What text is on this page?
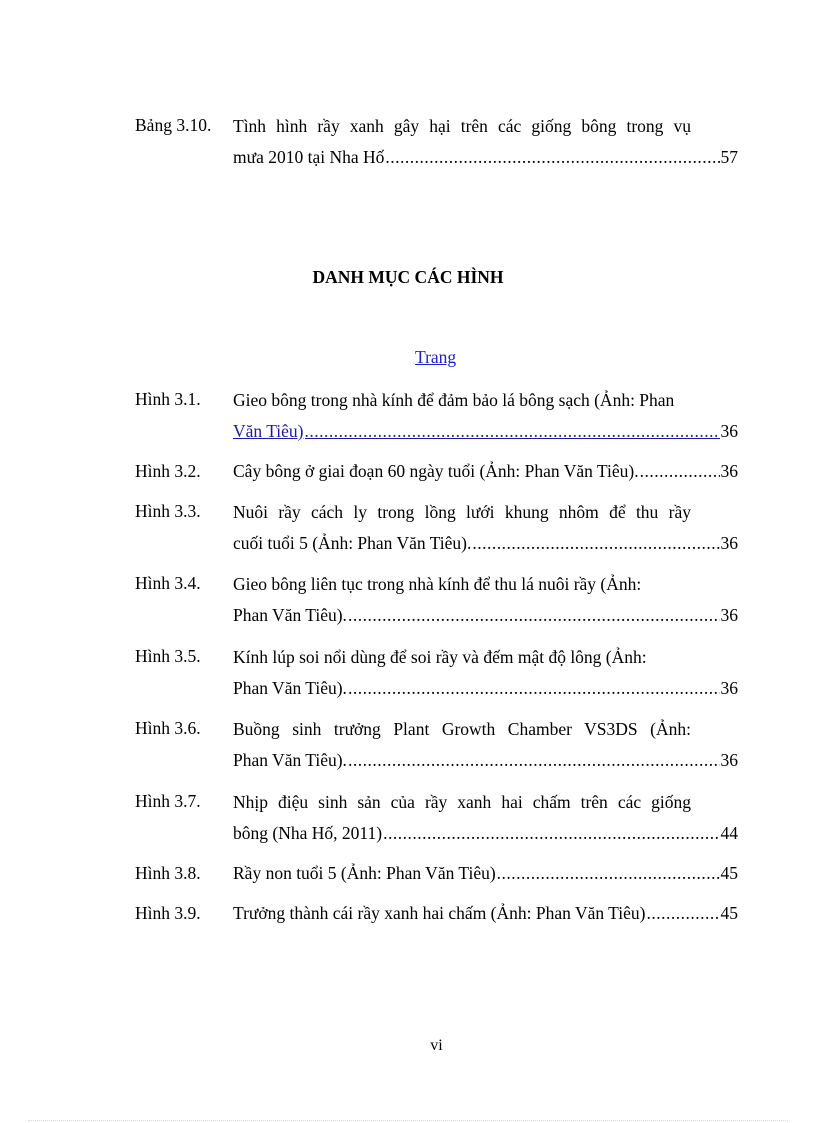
Bảng 3.10. Tình hình rầy xanh gây hại trên các giống bông trong vụ
mưa 2010 tại Nha Hố .....	57
DANH MỤC CÁC HÌNH
Trang
Hình 3.1. Gieo bông trong nhà kính để đảm bảo lá bông sạch (Ảnh: Phan
Văn Tiêu) .....	36
Hình 3.2. Cây bông ở giai đoạn 60 ngày tuổi (Ảnh: Phan Văn Tiêu). .....	36
Hình 3.3. Nuôi rầy cách ly trong lồng lưới khung nhôm để thu rầy
cuối tuổi 5 (Ảnh: Phan Văn Tiêu). .....	36
Hình 3.4. Gieo bông liên tục trong nhà kính để thu lá nuôi rầy (Ảnh:
Phan Văn Tiêu). .....	36
Hình 3.5. Kính lúp soi nổi dùng để soi rầy và đếm mật độ lông (Ảnh:
Phan Văn Tiêu). .....	36
Hình 3.6. Buồng sinh trưởng Plant Growth Chamber VS3DS (Ảnh:
Phan Văn Tiêu). .....	36
Hình 3.7. Nhịp điệu sinh sản của rầy xanh hai chấm trên các giống
bông (Nha Hố, 2011) .....	44
Hình 3.8. Rầy non tuổi 5 (Ảnh: Phan Văn Tiêu) .....	45
Hình 3.9. Trưởng thành cái rầy xanh hai chấm (Ảnh: Phan Văn Tiêu) .....	45
vi
